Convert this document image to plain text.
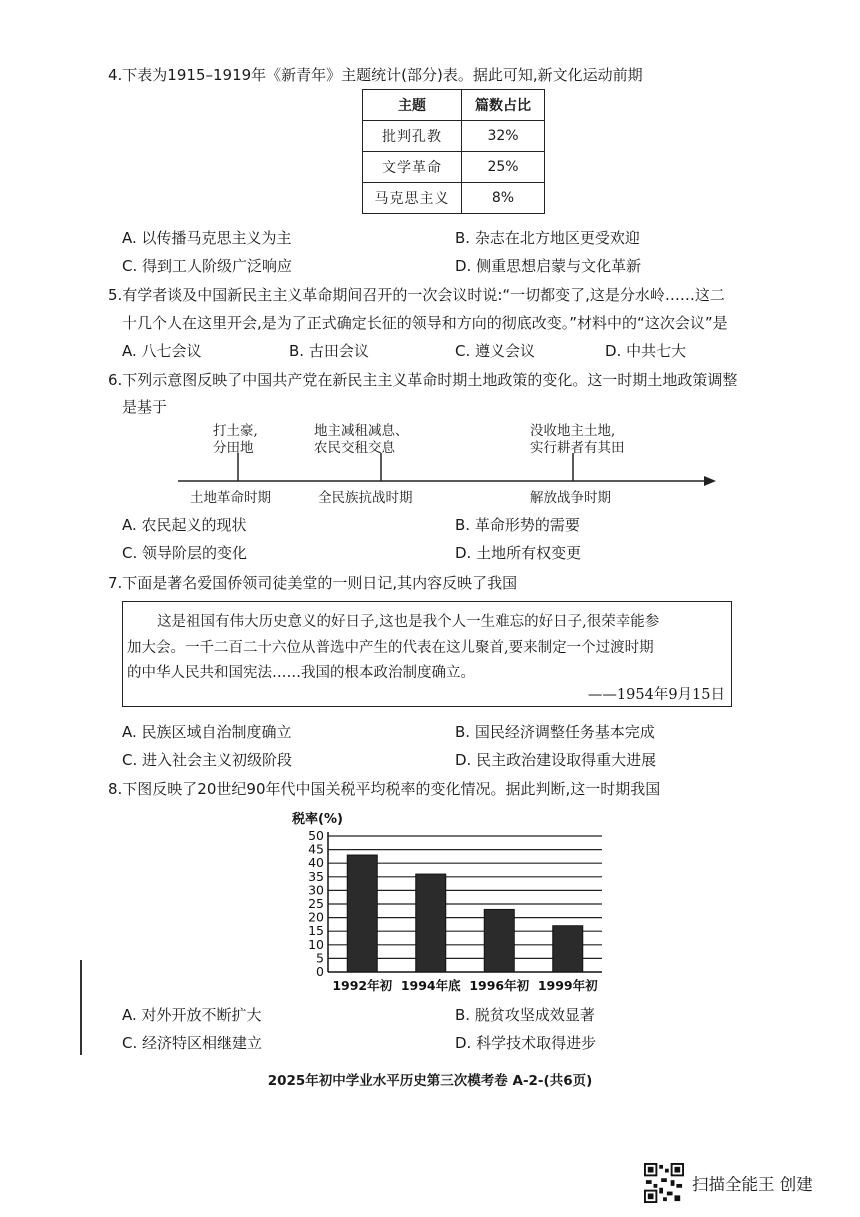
4.下表为1915–1919年《新青年》主题统计(部分)表。据此可知,新文化运动前期
主题	篇数占比
批判孔教	32%
文学革命	25%
马克思主义	8%
A. 以传播马克思主义为主	B. 杂志在北方地区更受欢迎
C. 得到工人阶级广泛响应	D. 侧重思想启蒙与文化革新
5.有学者谈及中国新民主主义革命期间召开的一次会议时说:“一切都变了,这是分水岭……这二
十几个人在这里开会,是为了正式确定长征的领导和方向的彻底改变。”材料中的“这次会议”是
A. 八七会议	B. 古田会议	C. 遵义会议	D. 中共七大
6.下列示意图反映了中国共产党在新民主主义革命时期土地政策的变化。这一时期土地政策调整
是基于
打土豪,
分田地
地主减租减息、
农民交租交息
没收地主土地,
实行耕者有其田
土地革命时期	全民族抗战时期	解放战争时期
A. 农民起义的现状	B. 革命形势的需要
C. 领导阶层的变化	D. 土地所有权变更
7.下面是著名爱国侨领司徒美堂的一则日记,其内容反映了我国
这是祖国有伟大历史意义的好日子,这也是我个人一生难忘的好日子,很荣幸能参
加大会。一千二百二十六位从普选中产生的代表在这儿聚首,要来制定一个过渡时期
的中华人民共和国宪法……我国的根本政治制度确立。
——1954年9月15日
A. 民族区域自治制度确立	B. 国民经济调整任务基本完成
C. 进入社会主义初级阶段	D. 民主政治建设取得重大进展
8.下图反映了20世纪90年代中国关税平均税率的变化情况。据此判断,这一时期我国
税率(%)
0
5
10
15
20
25
30
35
40
45
50
1992年初 1994年底 1996年初 1999年初
A. 对外开放不断扩大	B. 脱贫攻坚成效显著
C. 经济特区相继建立	D. 科学技术取得进步
2025年初中学业水平历史第三次模考卷 A-2-(共6页)
扫描全能王 创建
